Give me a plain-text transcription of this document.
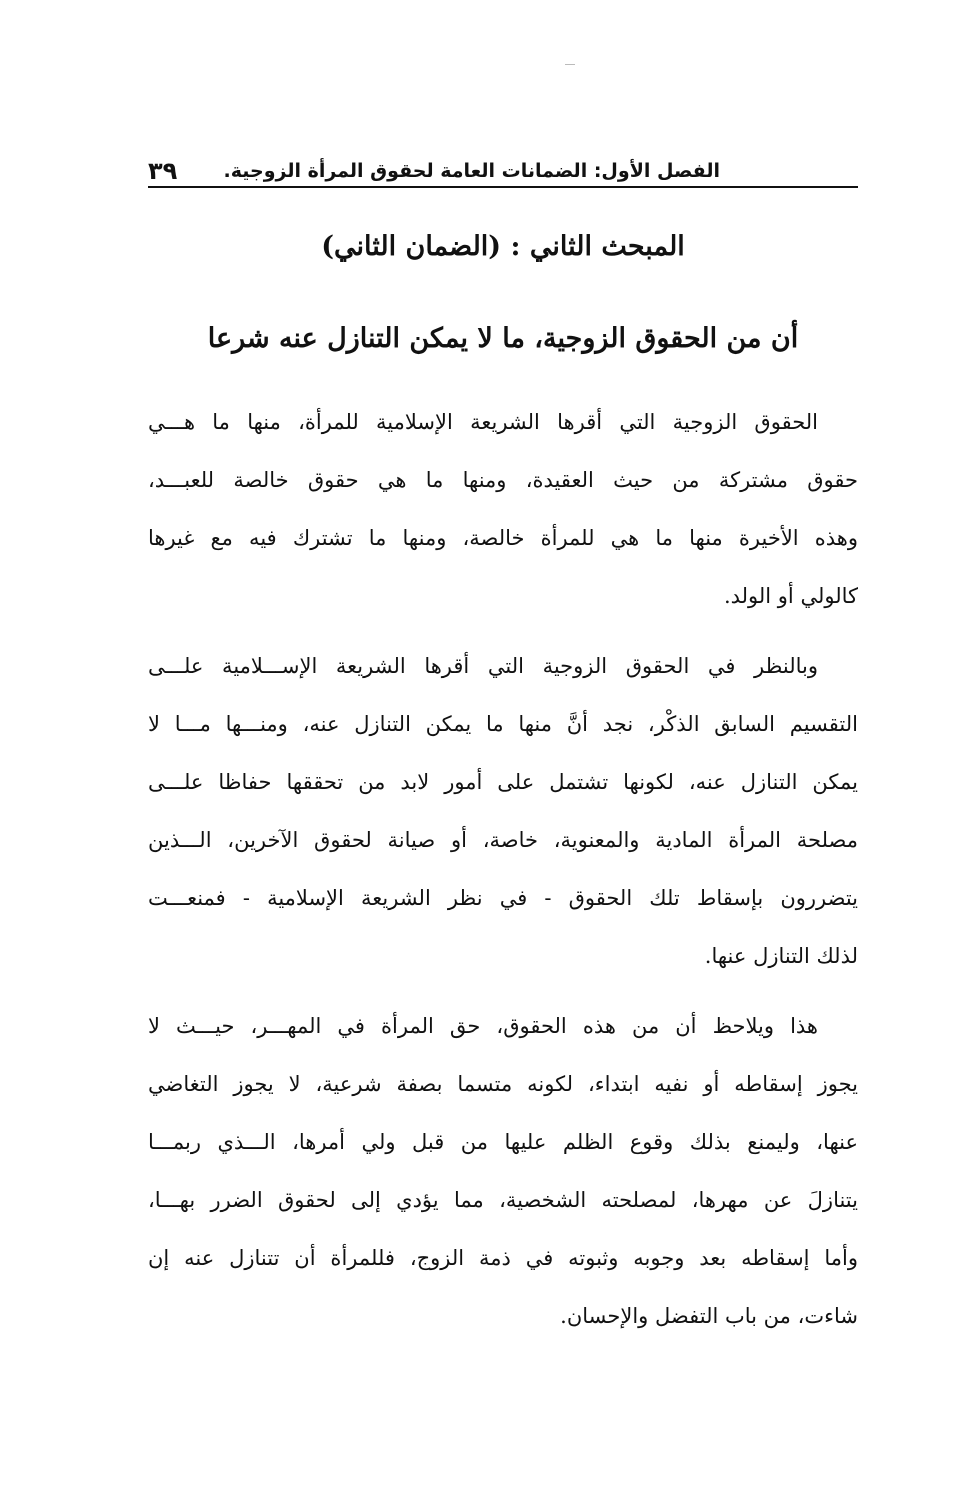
الفصل الأول: الضمانات العامة لحقوق المرأة الزوجية.
٣٩
المبحث الثاني : (الضمان الثاني)
أن من الحقوق الزوجية، ما لا يمكن التنازل عنه شرعا
الحقوق الزوجية التي أقرها الشريعة الإسلامية للمرأة، منها ما هـــي
حقوق مشتركة من حيث العقيدة، ومنها ما هي حقوق خالصة للعبـــد،
وهذه الأخيرة منها ما هي للمرأة خالصة، ومنها ما تشترك فيه مع غيرها
كالولي أو الولد.
وبالنظر في الحقوق الزوجية التي أقرها الشريعة الإســـلامية علـــى
التقسيم السابق الذكْر، نجد أنَّ منها ما يمكن التنازل عنه، ومنـــها مـــا لا
يمكن التنازل عنه، لكونها تشتمل على أمور لابد من تحققها حفاظا علـــى
مصلحة المرأة المادية والمعنوية، خاصة، أو صيانة لحقوق الآخرين، الـــذين
يتضررون بإسقاط تلك الحقوق - في نظر الشريعة الإسلامية - فمنعـــت
لذلك التنازل عنها.
هذا ويلاحظ أن من هذه الحقوق، حق المرأة في المهـــر، حيـــث لا
يجوز إسقاطه أو نفيه ابتداء، لكونه متسما بصفة شرعية، لا يجوز التغاضي
عنها، وليمنع بذلك وقوع الظلم عليها من قبل ولي أمرها، الـــذي ربمـــا
يتنازلَ عن مهرها، لمصلحته الشخصية، مما يؤدي إلى لحقوق الضرر بهـــا،
وأما إسقاطه بعد وجوبه وثبوته في ذمة الزوج، فللمرأة أن تتنازل عنه إن
شاءت، من باب التفضل والإحسان.
